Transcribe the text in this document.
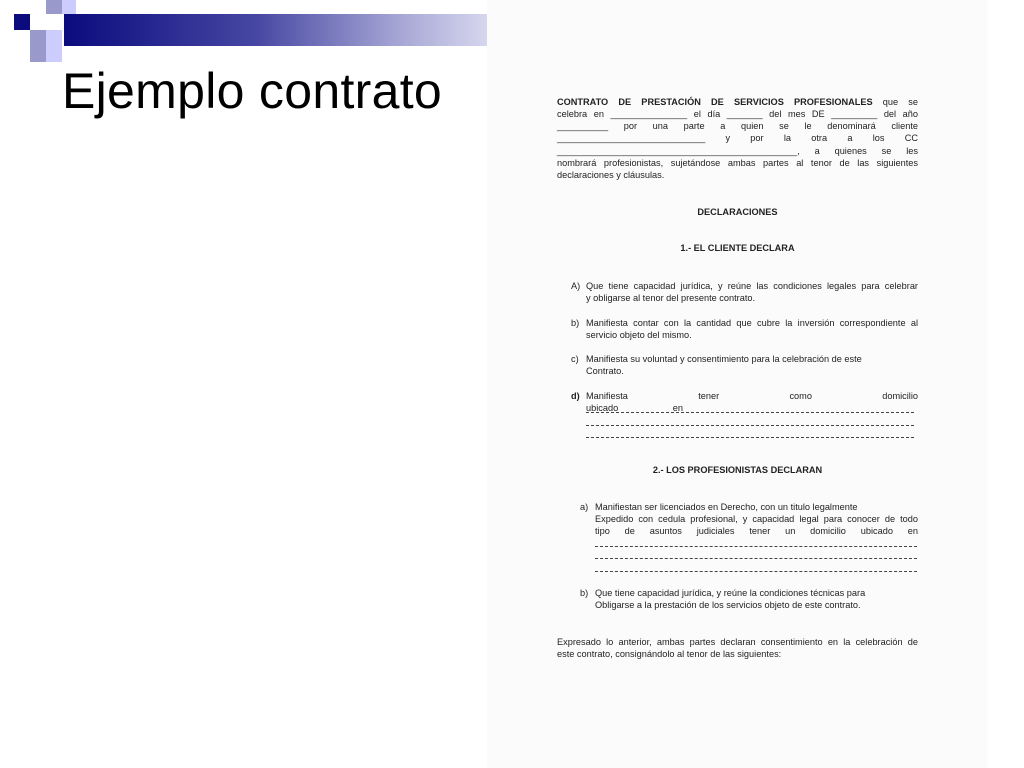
Ejemplo contrato	CONTRATO DE PRESTACIÓN DE SERVICIOS PROFESIONALES que se
celebra en _______________ el día _______ del mes DE _________ del año
__________ por una parte a quien se le denominará cliente
_____________________________ y por la otra a los CC
_______________________________________________, a quienes se les
nombrará profesionistas, sujetándose ambas partes al tenor de las siguientes
declaraciones y cláusulas.
DECLARACIONES
1.- EL CLIENTE DECLARA
A) Que tiene capacidad jurídica, y reúne las condiciones legales para celebrar
y obligarse al tenor del presente contrato.
b) Manifiesta contar con la cantidad que cubre la inversión correspondiente al
servicio objeto del mismo.
c) Manifiesta su voluntad y consentimiento para la celebración de este
Contrato.
d) Manifiesta tener como domicilio ubicado en
2.- LOS PROFESIONISTAS DECLARAN
a) Manifiestan ser licenciados en Derecho, con un titulo legalmente
Expedido con cedula profesional, y capacidad legal para conocer de todo
tipo de asuntos judiciales tener un domicilio ubicado en
b) Que tiene capacidad jurídica, y reúne la condiciones técnicas para
Obligarse a la prestación de los servicios objeto de este contrato.
Expresado lo anterior, ambas partes declaran consentimiento en la celebración de
este contrato, consignándolo al tenor de las siguientes:
